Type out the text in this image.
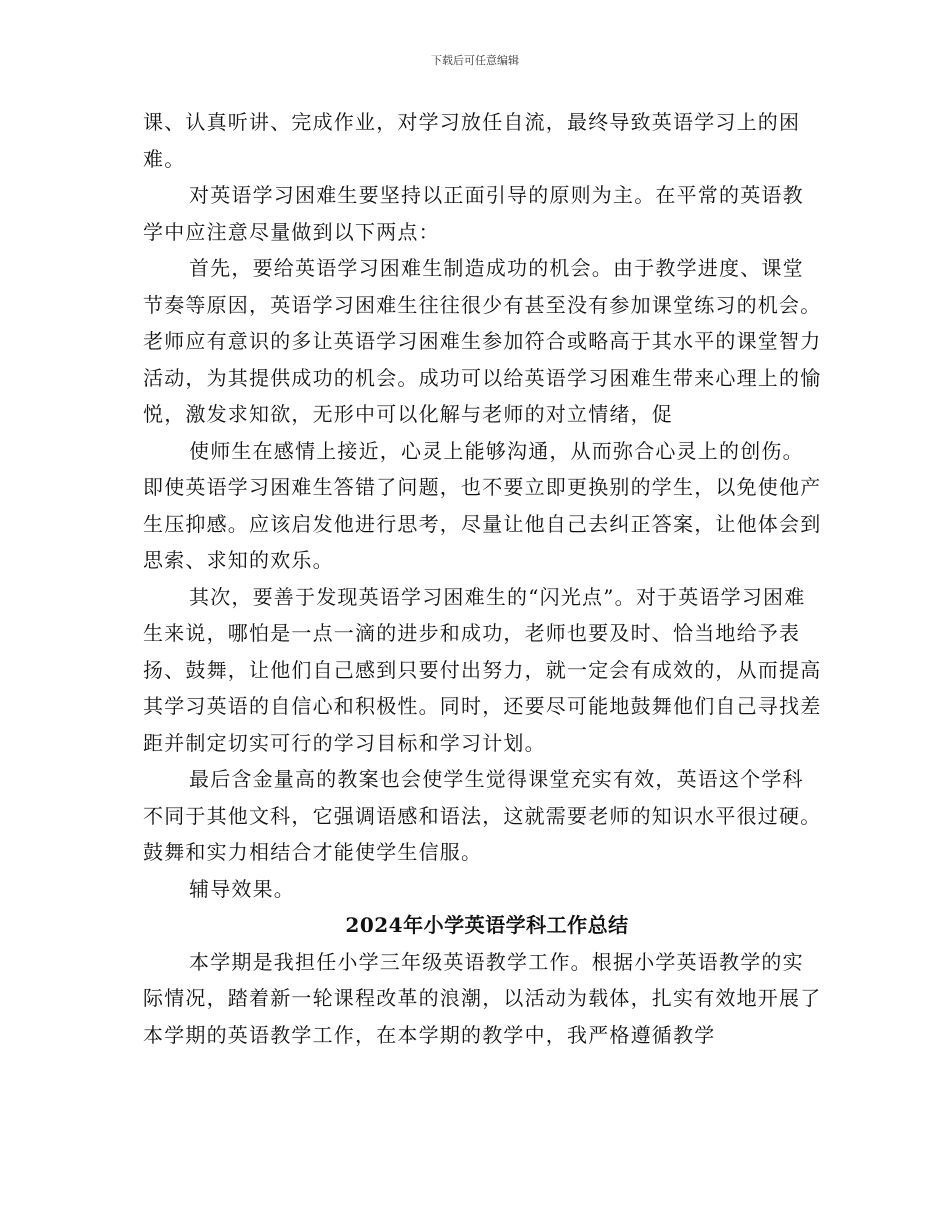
下载后可任意编辑

课、认真听讲、完成作业，对学习放任自流，最终导致英语学习上的困难。

对英语学习困难生要坚持以正面引导的原则为主。在平常的英语教学中应注意尽量做到以下两点：

首先，要给英语学习困难生制造成功的机会。由于教学进度、课堂节奏等原因，英语学习困难生往往很少有甚至没有参加课堂练习的机会。老师应有意识的多让英语学习困难生参加符合或略高于其水平的课堂智力活动，为其提供成功的机会。成功可以给英语学习困难生带来心理上的愉悦，激发求知欲，无形中可以化解与老师的对立情绪，促

使师生在感情上接近，心灵上能够沟通，从而弥合心灵上的创伤。即使英语学习困难生答错了问题，也不要立即更换别的学生，以免使他产生压抑感。应该启发他进行思考，尽量让他自己去纠正答案，让他体会到思索、求知的欢乐。

其次，要善于发现英语学习困难生的“闪光点”。对于英语学习困难生来说，哪怕是一点一滴的进步和成功，老师也要及时、恰当地给予表扬、鼓舞，让他们自己感到只要付出努力，就一定会有成效的，从而提高其学习英语的自信心和积极性。同时，还要尽可能地鼓舞他们自己寻找差距并制定切实可行的学习目标和学习计划。

最后含金量高的教案也会使学生觉得课堂充实有效，英语这个学科不同于其他文科，它强调语感和语法，这就需要老师的知识水平很过硬。鼓舞和实力相结合才能使学生信服。

辅导效果。

2024年小学英语学科工作总结

本学期是我担任小学三年级英语教学工作。根据小学英语教学的实际情况，踏着新一轮课程改革的浪潮，以活动为载体，扎实有效地开展了本学期的英语教学工作，在本学期的教学中，我严格遵循教学
